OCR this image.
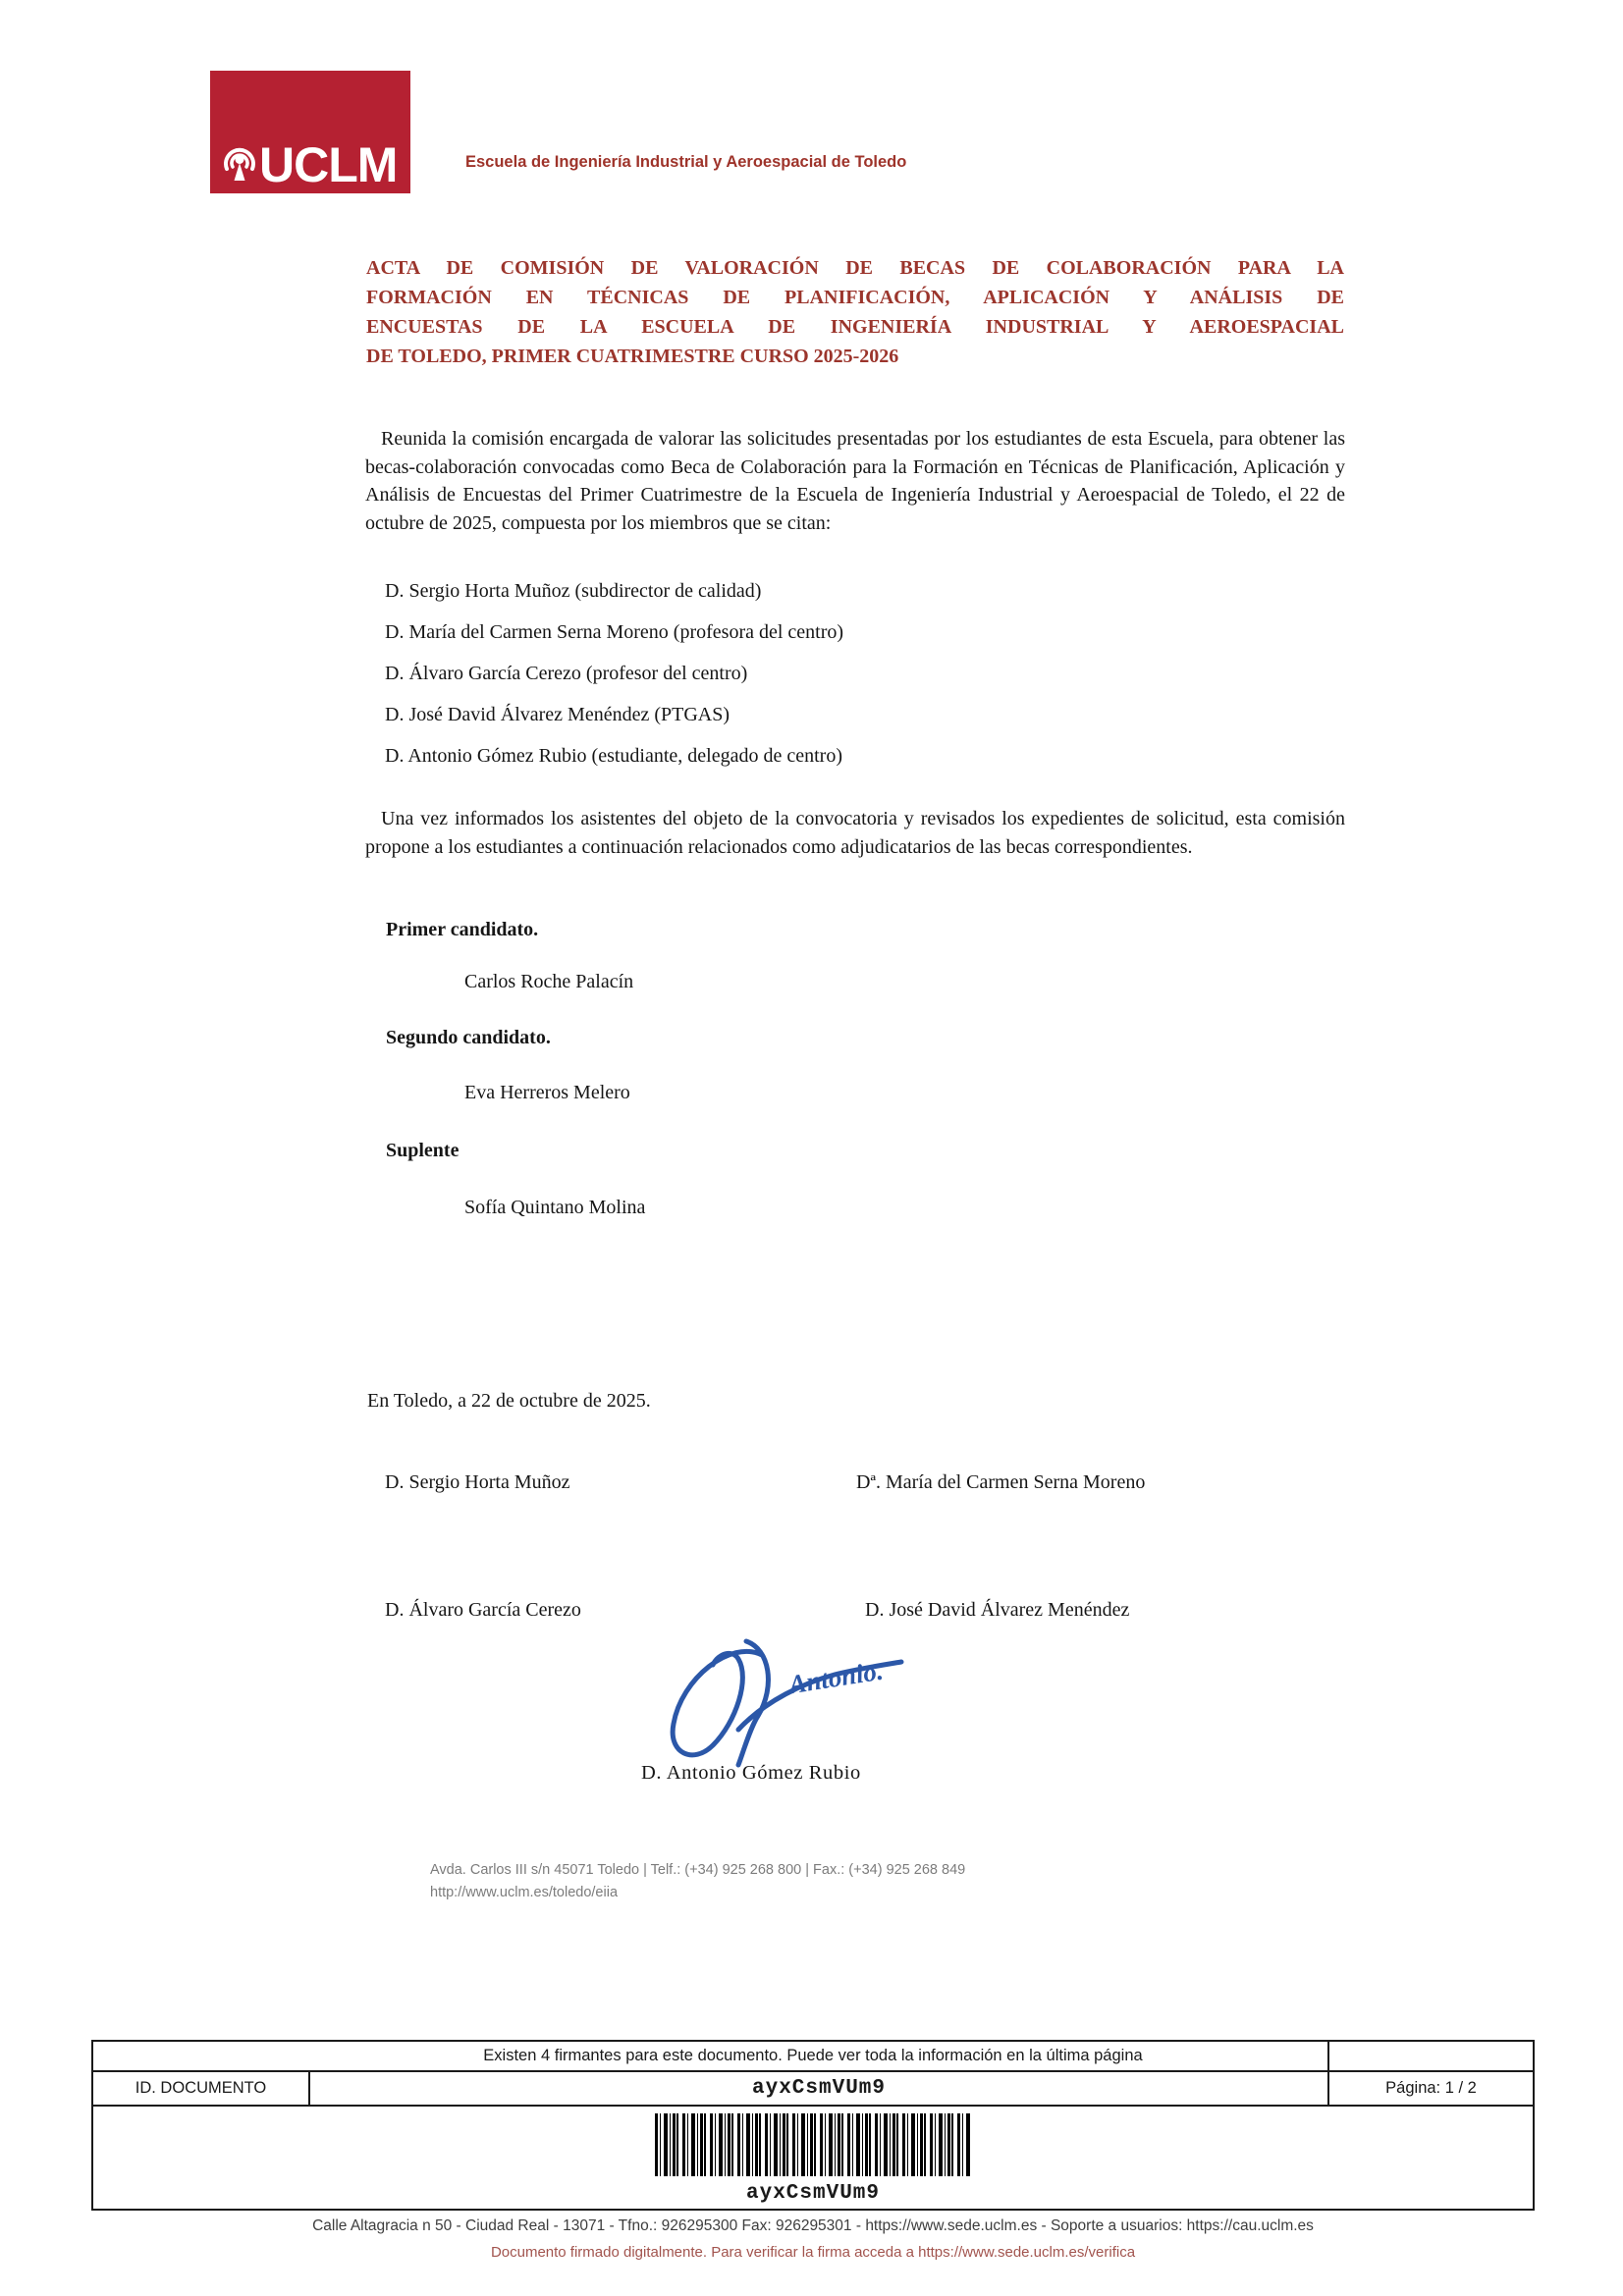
UCLM	Escuela de Ingeniería Industrial y Aeroespacial de Toledo
ACTA DE COMISIÓN DE VALORACIÓN DE BECAS DE COLABORACIÓN PARA LA
FORMACIÓN EN TÉCNICAS DE PLANIFICACIÓN, APLICACIÓN Y ANÁLISIS DE
ENCUESTAS DE LA ESCUELA DE INGENIERÍA INDUSTRIAL Y AEROESPACIAL
DE TOLEDO, PRIMER CUATRIMESTRE CURSO 2025-2026
Reunida la comisión encargada de valorar las solicitudes presentadas por los estudiantes de esta Escuela, para obtener las becas-colaboración convocadas como Beca de Colaboración para la Formación en Técnicas de Planificación, Aplicación y Análisis de Encuestas del Primer Cuatrimestre de la Escuela de Ingeniería Industrial y Aeroespacial de Toledo, el 22 de octubre de 2025, compuesta por los miembros que se citan:
D. Sergio Horta Muñoz (subdirector de calidad)
D. María del Carmen Serna Moreno (profesora del centro)
D. Álvaro García Cerezo (profesor del centro)
D. José David Álvarez Menéndez (PTGAS)
D. Antonio Gómez Rubio (estudiante, delegado de centro)
Una vez informados los asistentes del objeto de la convocatoria y revisados los expedientes de solicitud, esta comisión propone a los estudiantes a continuación relacionados como adjudicatarios de las becas correspondientes.
Primer candidato.
Carlos Roche Palacín
Segundo candidato.
Eva Herreros Melero
Suplente
Sofía Quintano Molina
En Toledo, a 22 de octubre de 2025.
D. Sergio Horta Muñoz	Dª. María del Carmen Serna Moreno
D. Álvaro García Cerezo	D. José David Álvarez Menéndez
Antonio.
D. Antonio Gómez Rubio
Avda. Carlos III s/n 45071 Toledo | Telf.: (+34) 925 268 800 | Fax.: (+34) 925 268 849
http://www.uclm.es/toledo/eiia
Existen 4 firmantes para este documento. Puede ver toda la información en la última página
ID. DOCUMENTO	ayxCsmVUm9	Página: 1 / 2
ayxCsmVUm9
Calle Altagracia n 50 - Ciudad Real - 13071 - Tfno.: 926295300 Fax: 926295301 - https://www.sede.uclm.es - Soporte a usuarios: https://cau.uclm.es
Documento firmado digitalmente. Para verificar la firma acceda a https://www.sede.uclm.es/verifica
